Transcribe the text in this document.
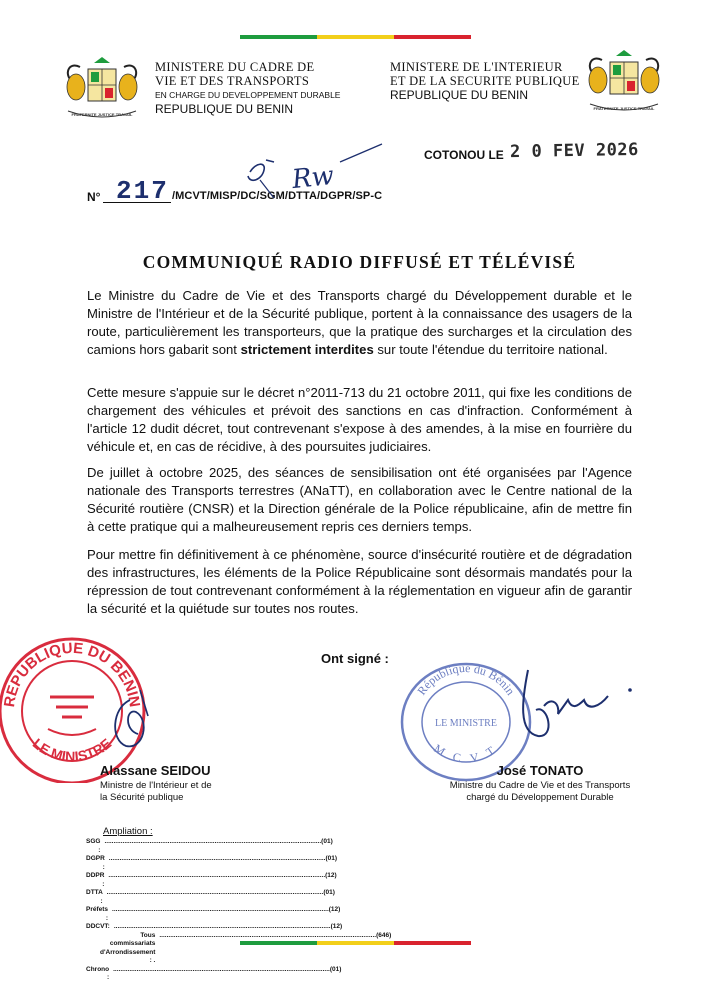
FRATERNITE JUSTICE TRAVAIL
MINISTERE DU CADRE DE
VIE ET DES TRANSPORTS
EN CHARGE DU DEVELOPPEMENT DURABLE
REPUBLIQUE DU BENIN
MINISTERE DE L'INTERIEUR
ET DE LA SECURITE PUBLIQUE
REPUBLIQUE DU BENIN
FRATERNITE JUSTICE TRAVAIL
COTONOU LE 2 0 FEV 2026
N° 217 /MCVT/MISP/DC/SGM/DTTA/DGPR/SP-C
Rw
COMMUNIQUÉ RADIO DIFFUSÉ ET TÉLÉVISÉ
Le Ministre du Cadre de Vie et des Transports chargé du Développement durable et le Ministre de l'Intérieur et de la Sécurité publique, portent à la connaissance des usagers de la route, particulièrement les transporteurs, que la pratique des surcharges et la circulation des camions hors gabarit sont strictement interdites sur toute l'étendue du territoire national.
Cette mesure s'appuie sur le décret n°2011-713 du 21 octobre 2011, qui fixe les conditions de chargement des véhicules et prévoit des sanctions en cas d'infraction. Conformément à l'article 12 dudit décret, tout contrevenant s'expose à des amendes, à la mise en fourrière du véhicule et, en cas de récidive, à des poursuites judiciaires.
De juillet à octobre 2025, des séances de sensibilisation ont été organisées par l'Agence nationale des Transports terrestres (ANaTT), en collaboration avec le Centre national de la Sécurité routière (CNSR) et la Direction générale de la Police républicaine, afin de mettre fin à cette pratique qui a malheureusement repris ces derniers temps.
Pour mettre fin définitivement à ce phénomène, source d'insécurité routière et de dégradation des infrastructures, les éléments de la Police Républicaine sont désormais mandatés pour la répression de tout contrevenant conformément à la réglementation en vigueur afin de garantir la sécurité et la quiétude sur toutes nos routes.
Ont signé :
REPUBLIQUE DU BENIN
LE MINISTRE
République du Bénin
LE MINISTRE
M C V T
Alassane SEIDOU
Ministre de l'Intérieur et de
la Sécurité publique
José TONATO
Ministre du Cadre de Vie et des Transports
chargé du Développement Durable
Ampliation :
SGG :
........................................................................................................................ (01)
DGPR :
........................................................................................................................ (01)
DDPR :
........................................................................................................................ (12)
DTTA :
........................................................................................................................ (01)
Préfets :
........................................................................................................................ (12)
DDCVT: ........................................................................................................................ (12)
Tous commissariats d'Arrondissement : .
........................................................................................................................ (646)
Chrono :
........................................................................................................................ (01)
